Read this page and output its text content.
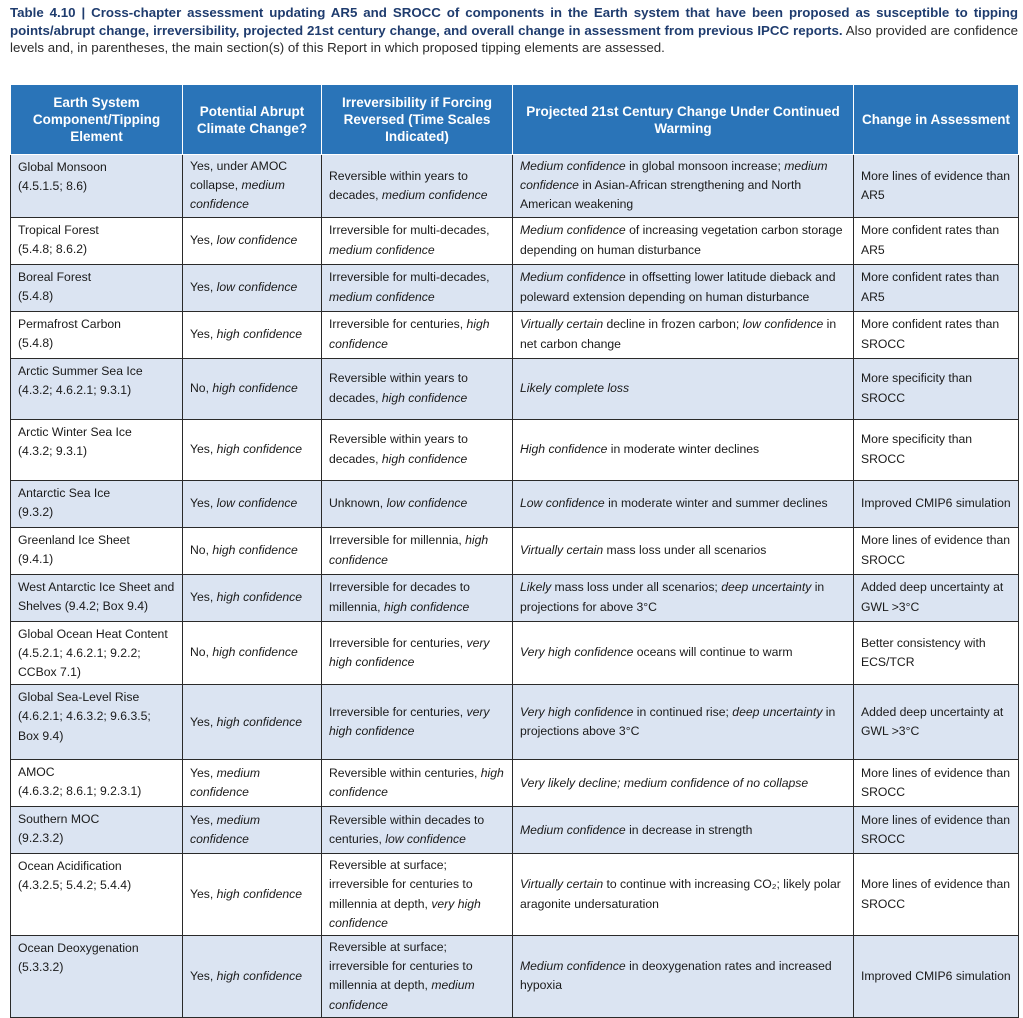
Table 4.10 | Cross-chapter assessment updating AR5 and SROCC of components in the Earth system that have been proposed as susceptible to tipping points/abrupt change, irreversibility, projected 21st century change, and overall change in assessment from previous IPCC reports. Also provided are confidence levels and, in parentheses, the main section(s) of this Report in which proposed tipping elements are assessed.
Earth System Component/Tipping Element	Potential Abrupt Climate Change?	Irreversibility if Forcing Reversed (Time Scales Indicated)	Projected 21st Century Change Under Continued Warming	Change in Assessment

Global Monsoon
(4.5.1.5; 8.6)	Yes, under AMOC collapse, medium confidence	Reversible within years to decades, medium confidence	Medium confidence in global monsoon increase; medium confidence in Asian-African strengthening and North American weakening	More lines of evidence than AR5

Tropical Forest
(5.4.8; 8.6.2)	Yes, low confidence	Irreversible for multi-decades, medium confidence	Medium confidence of increasing vegetation carbon storage depending on human disturbance	More confident rates than AR5

Boreal Forest
(5.4.8)	Yes, low confidence	Irreversible for multi-decades, medium confidence	Medium confidence in offsetting lower latitude dieback and poleward extension depending on human disturbance	More confident rates than AR5

Permafrost Carbon
(5.4.8)	Yes, high confidence	Irreversible for centuries, high confidence	Virtually certain decline in frozen carbon; low confidence in net carbon change	More confident rates than SROCC

Arctic Summer Sea Ice
(4.3.2; 4.6.2.1; 9.3.1)	No, high confidence	Reversible within years to decades, high confidence	Likely complete loss	More specificity than SROCC

Arctic Winter Sea Ice
(4.3.2; 9.3.1)	Yes, high confidence	Reversible within years to decades, high confidence	High confidence in moderate winter declines	More specificity than SROCC

Antarctic Sea Ice
(9.3.2)	Yes, low confidence	Unknown, low confidence	Low confidence in moderate winter and summer declines	Improved CMIP6 simulation

Greenland Ice Sheet
(9.4.1)	No, high confidence	Irreversible for millennia, high confidence	Virtually certain mass loss under all scenarios	More lines of evidence than SROCC

West Antarctic Ice Sheet and Shelves (9.4.2; Box 9.4)	Yes, high confidence	Irreversible for decades to millennia, high confidence	Likely mass loss under all scenarios; deep uncertainty in projections for above 3°C	Added deep uncertainty at GWL >3°C

Global Ocean Heat Content
(4.5.2.1; 4.6.2.1; 9.2.2; CCBox 7.1)	No, high confidence	Irreversible for centuries, very high confidence	Very high confidence oceans will continue to warm	Better consistency with ECS/TCR

Global Sea-Level Rise
(4.6.2.1; 4.6.3.2; 9.6.3.5; Box 9.4)	Yes, high confidence	Irreversible for centuries, very high confidence	Very high confidence in continued rise; deep uncertainty in projections above 3°C	Added deep uncertainty at GWL >3°C

AMOC
(4.6.3.2; 8.6.1; 9.2.3.1)	Yes, medium confidence	Reversible within centuries, high confidence	Very likely decline; medium confidence of no collapse	More lines of evidence than SROCC

Southern MOC
(9.2.3.2)	Yes, medium confidence	Reversible within decades to centuries, low confidence	Medium confidence in decrease in strength	More lines of evidence than SROCC

Ocean Acidification
(4.3.2.5; 5.4.2; 5.4.4)	Yes, high confidence	Reversible at surface; irreversible for centuries to millennia at depth, very high confidence	Virtually certain to continue with increasing CO₂; likely polar aragonite undersaturation	More lines of evidence than SROCC

Ocean Deoxygenation
(5.3.3.2)	Yes, high confidence	Reversible at surface; irreversible for centuries to millennia at depth, medium confidence	Medium confidence in deoxygenation rates and increased hypoxia	Improved CMIP6 simulation
